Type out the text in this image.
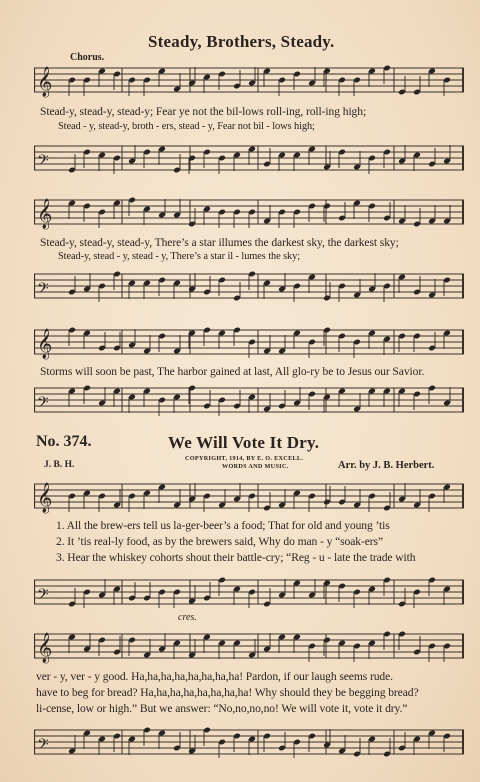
Steady, Brothers, Steady.
Chorus.
𝄞
Stead-y, stead-y, stead-y; Fear ye not the bil-lows roll-ing, roll-ing high;
Stead - y, stead-y, broth - ers, stead - y, Fear not bil - lows high;
𝄢
𝄞
Stead-y, stead-y, stead-y, There’s a star illumes the darkest sky, the darkest sky;
Stead-y, stead - y, stead - y, There’s a star il - lumes the sky;
𝄢
𝄞
Storms will soon be past, The harbor gained at last, All glo-ry be to Jesus our Savior.
𝄢
No. 374.	We Will Vote It Dry.
J. B. H.
COPYRIGHT, 1914, BY E. O. EXCELL.
WORDS AND MUSIC.	Arr. by J. B. Herbert.
𝄞
1. All the brew-ers tell us la-ger-beer’s a food; That for old and young ’tis
2. It ’tis real-ly food, as by the brewers said, Why do man - y “soak-ers”
3. Hear the whiskey cohorts shout their battle-cry; “Reg - u - late the trade with
𝄢
cres.
𝄞
ver - y, ver - y good. Ha,ha,ha,ha,ha,ha,ha,ha! Pardon, if our laugh seems rude.
have to beg for bread? Ha,ha,ha,ha,ha,ha,ha,ha! Why should they be begging bread?
li-cense, low or high.” But we answer: “No,no,no,no! We will vote it, vote it dry.”
𝄢
